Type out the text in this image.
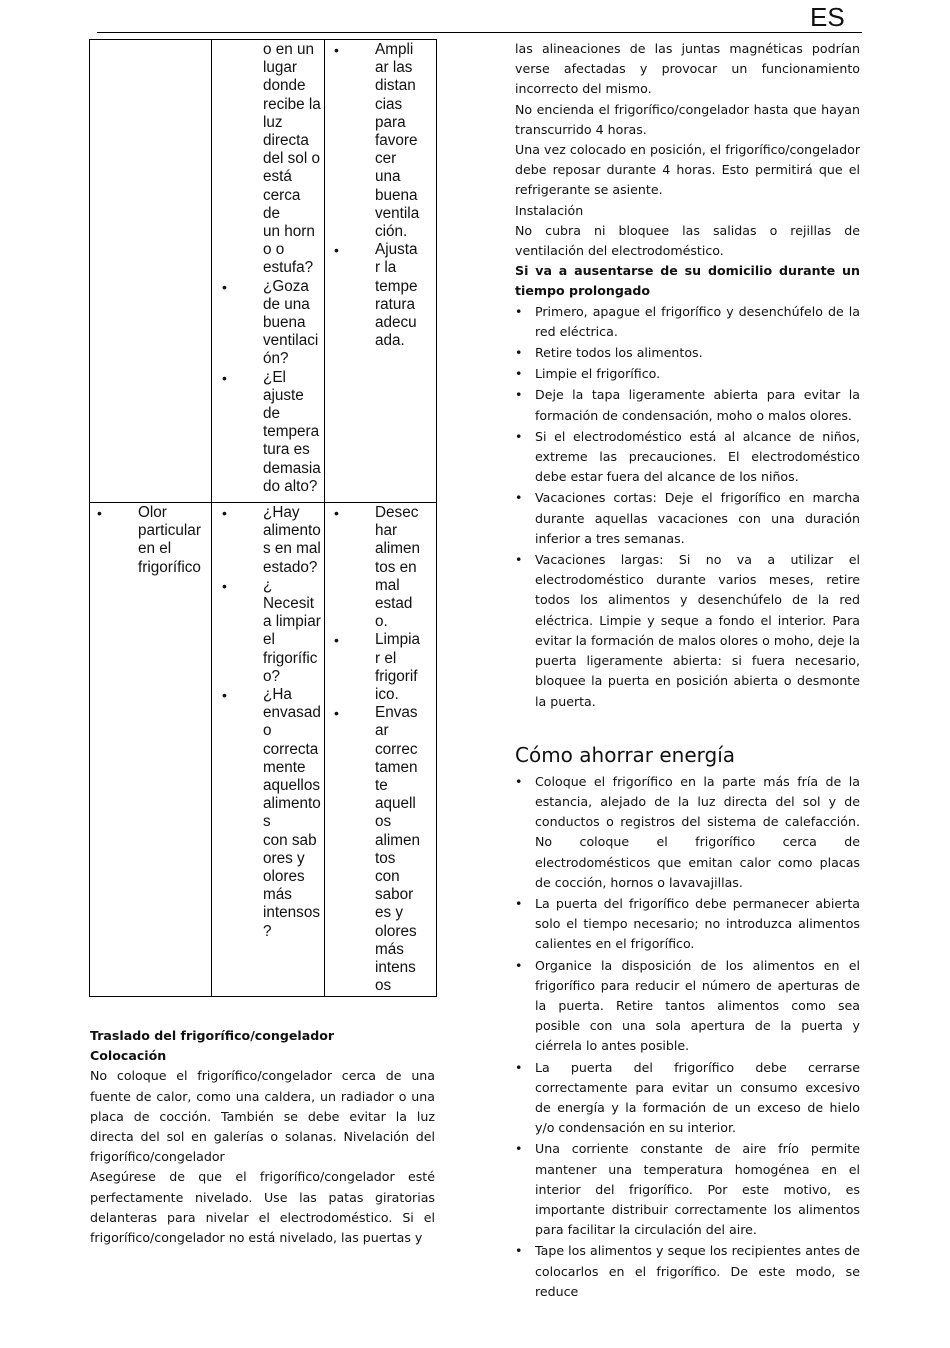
ES
o en un
lugar
donde
recibe la
luz
directa
del sol o
está
cerca
de
un horn
o o
estufa?
• ¿Goza
de una
buena
ventilaci
ón?
• ¿El
ajuste
de
tempera
tura es
demasia
do alto?
• Ampli
ar las
distan
cias
para
favore
cer
una
buena
ventila
ción.
• Ajusta
r la
tempe
ratura
adecu
ada.
• Olor
particular
en el
frigorífico
• ¿Hay
alimento
s en mal
estado?
• ¿
Necesit
a limpiar
el
frigorífic
o?
• ¿Ha
envasad
o
correcta
mente
aquellos
alimento
s
con sab
ores y
olores
más
intensos
?
• Desec
har
alimen
tos en
mal
estad
o.
• Limpia
r el
frigorif
ico.
• Envas
ar
correc
tamen
te
aquell
os
alimen
tos
con
sabor
es y
olores
más
intens
os

Traslado del frigorífico/congelador

Colocación

No coloque el frigorífico/congelador cerca de una fuente de calor, como una caldera, un radiador o una placa de cocción. También se debe evitar la luz directa del sol en galerías o solanas. Nivelación del frigorífico/congelador

Asegúrese de que el frigorífico/congelador esté perfectamente nivelado. Use las patas giratorias delanteras para nivelar el electrodoméstico. Si el frigorífico/congelador no está nivelado, las puertas y

las alineaciones de las juntas magnéticas podrían verse afectadas y provocar un funcionamiento incorrecto del mismo.

No encienda el frigorífico/congelador hasta que hayan transcurrido 4 horas.

Una vez colocado en posición, el frigorífico/congelador debe reposar durante 4 horas. Esto permitirá que el refrigerante se asiente.

Instalación

No cubra ni bloquee las salidas o rejillas de ventilación del electrodoméstico.

Si va a ausentarse de su domicilio durante un tiempo prolongado

• Primero, apague el frigorífico y desenchúfelo de la red eléctrica.
• Retire todos los alimentos.
• Limpie el frigorífico.
• Deje la tapa ligeramente abierta para evitar la formación de condensación, moho o malos olores.
• Si el electrodoméstico está al alcance de niños, extreme las precauciones. El electrodoméstico debe estar fuera del alcance de los niños.
• Vacaciones cortas: Deje el frigorífico en marcha durante aquellas vacaciones con una duración inferior a tres semanas.
• Vacaciones largas: Si no va a utilizar el electrodoméstico durante varios meses, retire todos los alimentos y desenchúfelo de la red eléctrica. Limpie y seque a fondo el interior. Para evitar la formación de malos olores o moho, deje la puerta ligeramente abierta: si fuera necesario, bloquee la puerta en posición abierta o desmonte la puerta.
Cómo ahorrar energía
• Coloque el frigorífico en la parte más fría de la estancia, alejado de la luz directa del sol y de conductos o registros del sistema de calefacción. No coloque el frigorífico cerca de electrodomésticos que emitan calor como placas de cocción, hornos o lavavajillas.
• La puerta del frigorífico debe permanecer abierta solo el tiempo necesario; no introduzca alimentos calientes en el frigorífico.
• Organice la disposición de los alimentos en el frigorífico para reducir el número de aperturas de la puerta. Retire tantos alimentos como sea posible con una sola apertura de la puerta y ciérrela lo antes posible.
• La puerta del frigorífico debe cerrarse correctamente para evitar un consumo excesivo de energía y la formación de un exceso de hielo y/o condensación en su interior.
• Una corriente constante de aire frío permite mantener una temperatura homogénea en el interior del frigorífico. Por este motivo, es importante distribuir correctamente los alimentos para facilitar la circulación del aire.
• Tape los alimentos y seque los recipientes antes de colocarlos en el frigorífico. De este modo, se reduce
